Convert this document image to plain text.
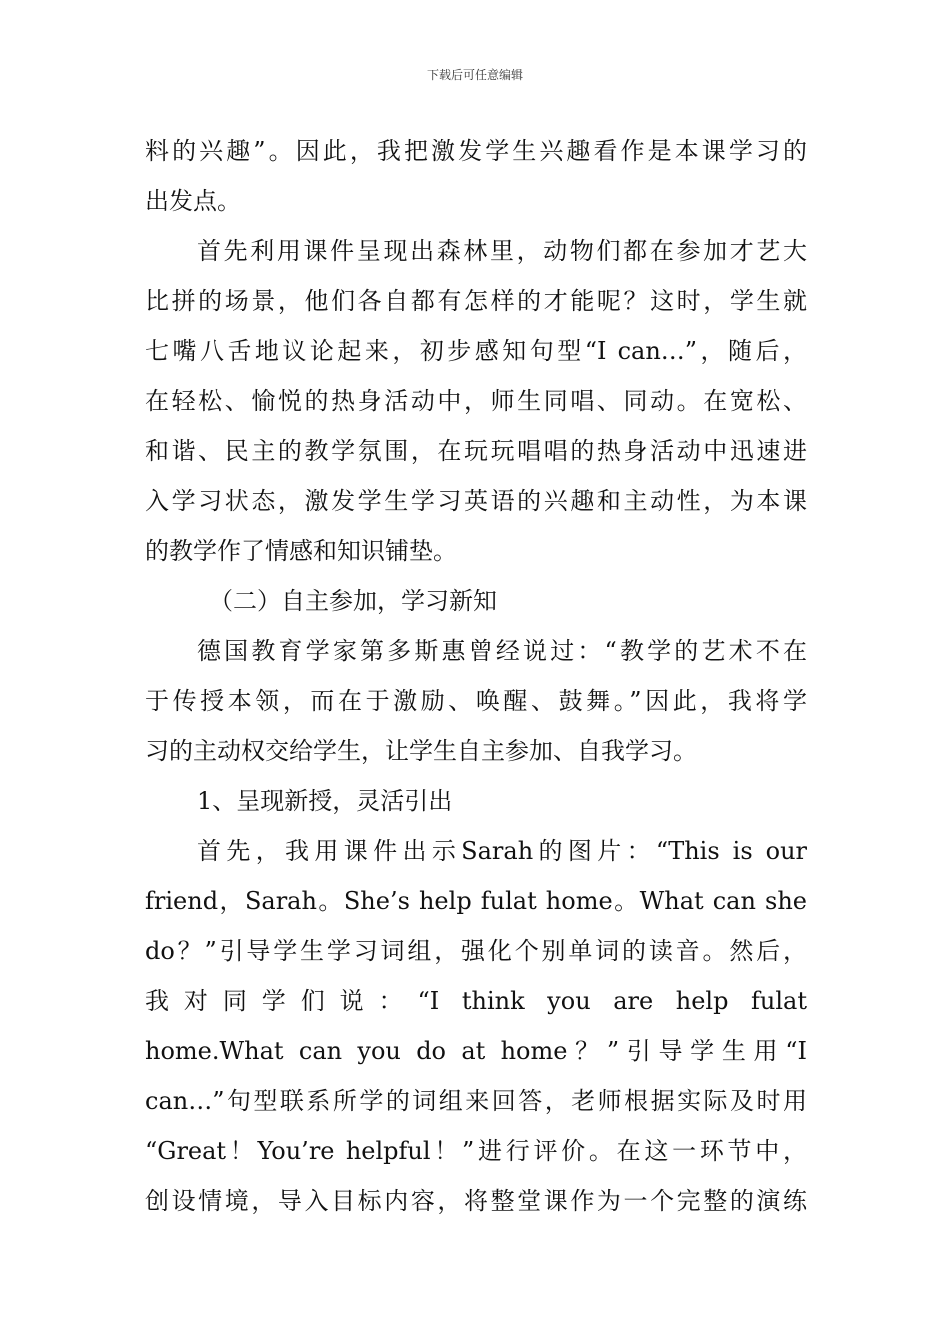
下载后可任意编辑
料的兴趣”。因此，我把激发学生兴趣看作是本课学习的
出发点。
首先利用课件呈现出森林里，动物们都在参加才艺大
比拼的场景，他们各自都有怎样的才能呢？这时，学生就
七嘴八舌地议论起来，初步感知句型“I can…”，随后，
在轻松、愉悦的热身活动中，师生同唱、同动。在宽松、
和谐、民主的教学氛围，在玩玩唱唱的热身活动中迅速进
入学习状态，激发学生学习英语的兴趣和主动性，为本课
的教学作了情感和知识铺垫。
（二）自主参加，学习新知
德国教育学家第多斯惠曾经说过：“教学的艺术不在
于传授本领，而在于激励、唤醒、鼓舞。”因此，我将学
习的主动权交给学生，让学生自主参加、自我学习。
1、呈现新授，灵活引出
首先，我用课件出示Sarah的图片：“This is our
friend，Sarah。She’s help fulat home。What can she
do？”引导学生学习词组，强化个别单词的读音。然后，
我对同学们说：“I think you are help fulat
home.What can you do at home？”引导学生用“I
can…”句型联系所学的词组来回答，老师根据实际及时用
“Great！You’re helpful！”进行评价。在这一环节中，
创设情境，导入目标内容，将整堂课作为一个完整的演练
